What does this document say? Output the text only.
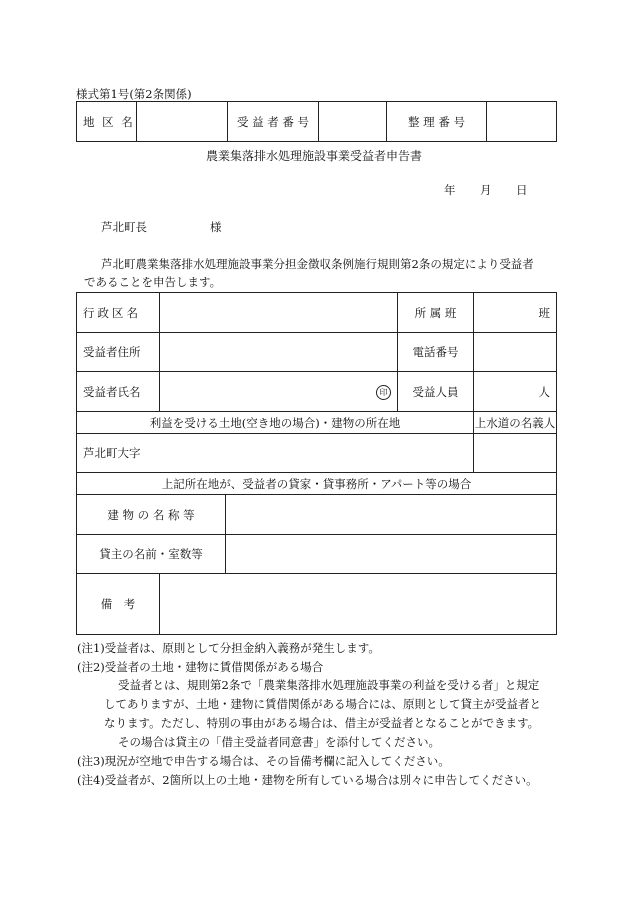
様式第1号(第2条関係)
地 区 名		受 益 者 番 号		整 理 番 号	
農業集落排水処理施設事業受益者申告書
年 月 日
芦北町長	様
芦北町農業集落排水処理施設事業分担金徴収条例施行規則第2条の規定により受益者
であることを申告します。
行政区名			所 属 班	班
受益者住所			電話番号	
受益者氏名	印		受益人員	人
利益を受ける土地(空き地の場合)・建物の所在地				上水道の名義人
芦北町大字				
上記所在地が、受益者の貸家・貸事務所・アパート等の場合				
建 物 の 名 称 等				
貸主の名前・室数等				
備　考				
(注1)受益者は、原則として分担金納入義務が発生します。
(注2)受益者の土地・建物に賃借関係がある場合
受益者とは、規則第2条で「農業集落排水処理施設事業の利益を受ける者」と規定
してありますが、土地・建物に賃借関係がある場合には、原則として貸主が受益者と
なります。ただし、特別の事由がある場合は、借主が受益者となることができます。
その場合は貸主の「借主受益者同意書」を添付してください。
(注3)現況が空地で申告する場合は、その旨備考欄に記入してください。
(注4)受益者が、2箇所以上の土地・建物を所有している場合は別々に申告してください。
